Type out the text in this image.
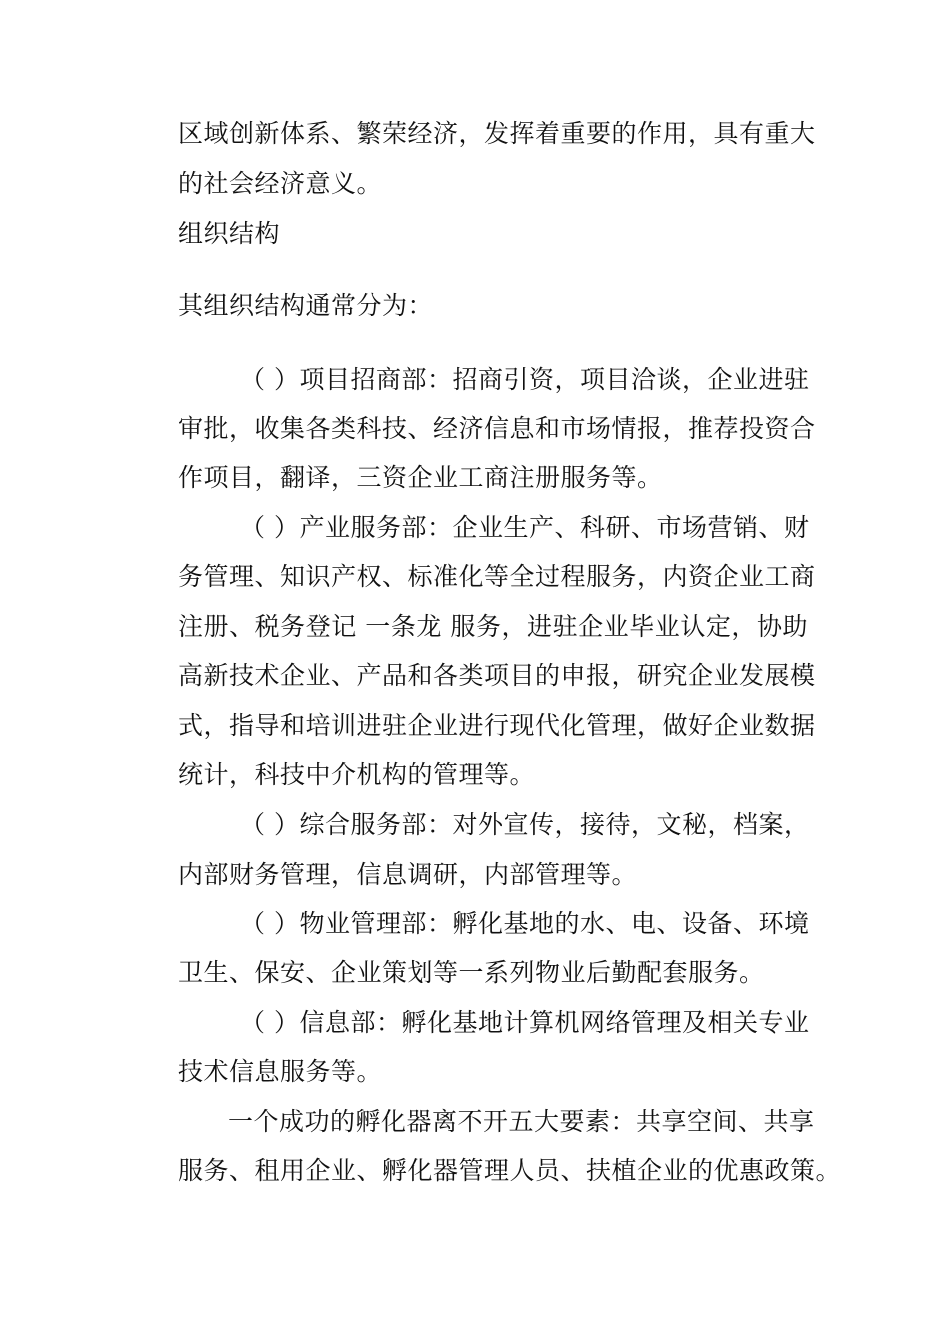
区域创新体系、繁荣经济，发挥着重要的作用，具有重大
的社会经济意义。
组织结构
其组织结构通常分为：
（ ）项目招商部：招商引资，项目洽谈，企业进驻
审批，收集各类科技、经济信息和市场情报，推荐投资合
作项目，翻译，三资企业工商注册服务等。
（ ）产业服务部：企业生产、科研、市场营销、财
务管理、知识产权、标准化等全过程服务，内资企业工商
注册、税务登记 一条龙 服务，进驻企业毕业认定，协助
高新技术企业、产品和各类项目的申报，研究企业发展模
式，指导和培训进驻企业进行现代化管理，做好企业数据
统计，科技中介机构的管理等。
（ ）综合服务部：对外宣传，接待，文秘，档案，
内部财务管理，信息调研，内部管理等。
（ ）物业管理部：孵化基地的水、电、设备、环境
卫生、保安、企业策划等一系列物业后勤配套服务。
（ ）信息部：孵化基地计算机网络管理及相关专业
技术信息服务等。
一个成功的孵化器离不开五大要素：共享空间、共享
服务、租用企业、孵化器管理人员、扶植企业的优惠政策。
